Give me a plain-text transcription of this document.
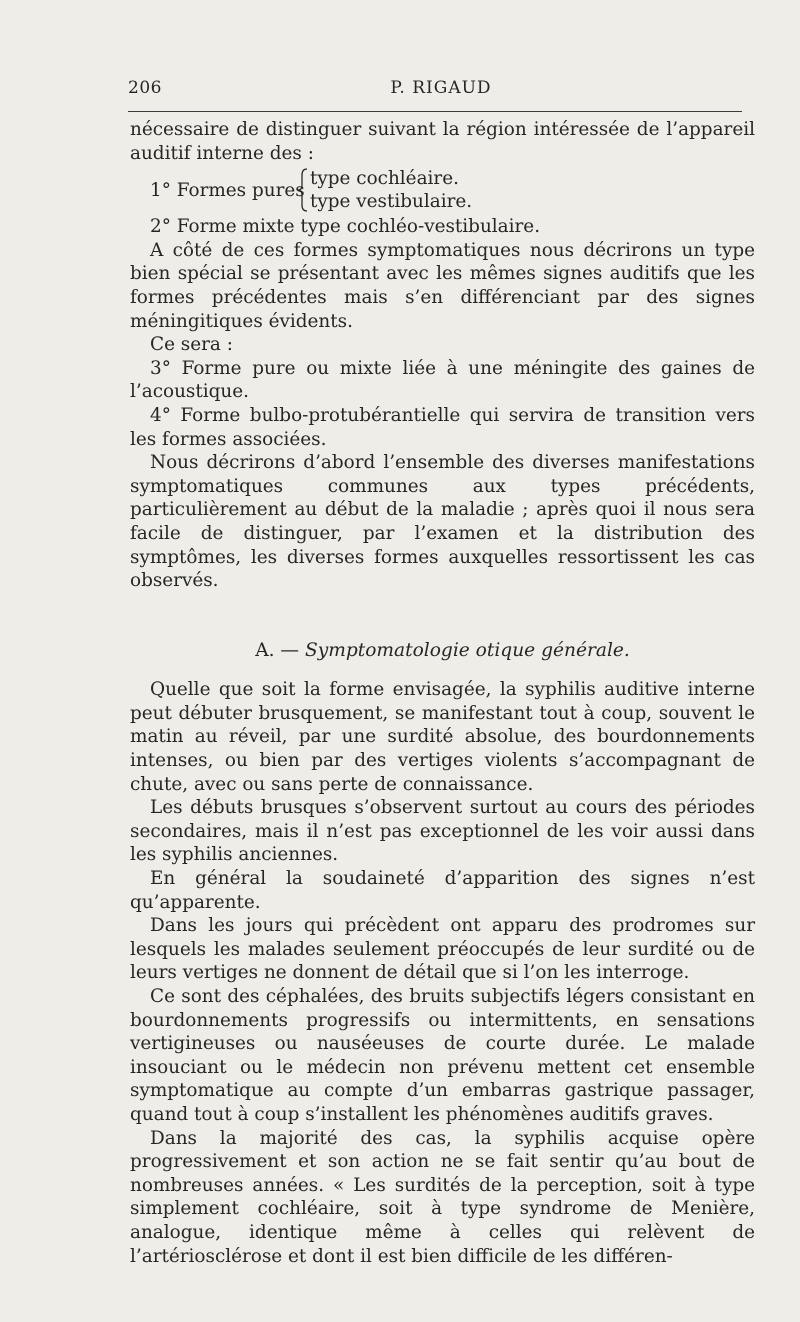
206	P. RIGAUD

nécessaire de distinguer suivant la région intéressée de l’appareil auditif interne des :

1° Formes pures
type cochléaire.
type vestibulaire.

2° Forme mixte type cochléo-vestibulaire.

A côté de ces formes symptomatiques nous décrirons un type bien spécial se présentant avec les mêmes signes auditifs que les formes précédentes mais s’en différenciant par des signes méningitiques évidents.

Ce sera :

3° Forme pure ou mixte liée à une méningite des gaines de l’acoustique.

4° Forme bulbo-protubérantielle qui servira de transition vers les formes associées.

Nous décrirons d’abord l’ensemble des diverses manifestations symptomatiques communes aux types précédents, particulièrement au début de la maladie ; après quoi il nous sera facile de distinguer, par l’examen et la distribution des symptômes, les diverses formes auxquelles ressortissent les cas observés.

A. — Symptomatologie otique générale.

Quelle que soit la forme envisagée, la syphilis auditive interne peut débuter brusquement, se manifestant tout à coup, souvent le matin au réveil, par une surdité absolue, des bourdonnements intenses, ou bien par des vertiges violents s’accompagnant de chute, avec ou sans perte de connaissance.

Les débuts brusques s’observent surtout au cours des périodes secondaires, mais il n’est pas exceptionnel de les voir aussi dans les syphilis anciennes.

En général la soudaineté d’apparition des signes n’est qu’apparente.

Dans les jours qui précèdent ont apparu des prodromes sur lesquels les malades seulement préoccupés de leur surdité ou de leurs vertiges ne donnent de détail que si l’on les interroge.

Ce sont des céphalées, des bruits subjectifs légers consistant en bourdonnements progressifs ou intermittents, en sensations vertigineuses ou nauséeuses de courte durée. Le malade insouciant ou le médecin non prévenu mettent cet ensemble symptomatique au compte d’un embarras gastrique passager, quand tout à coup s’installent les phénomènes auditifs graves.

Dans la majorité des cas, la syphilis acquise opère progressivement et son action ne se fait sentir qu’au bout de nombreuses années. « Les surdités de la perception, soit à type simplement cochléaire, soit à type syndrome de Menière, analogue, identique même à celles qui relèvent de l’artériosclérose et dont il est bien difficile de les différen-
